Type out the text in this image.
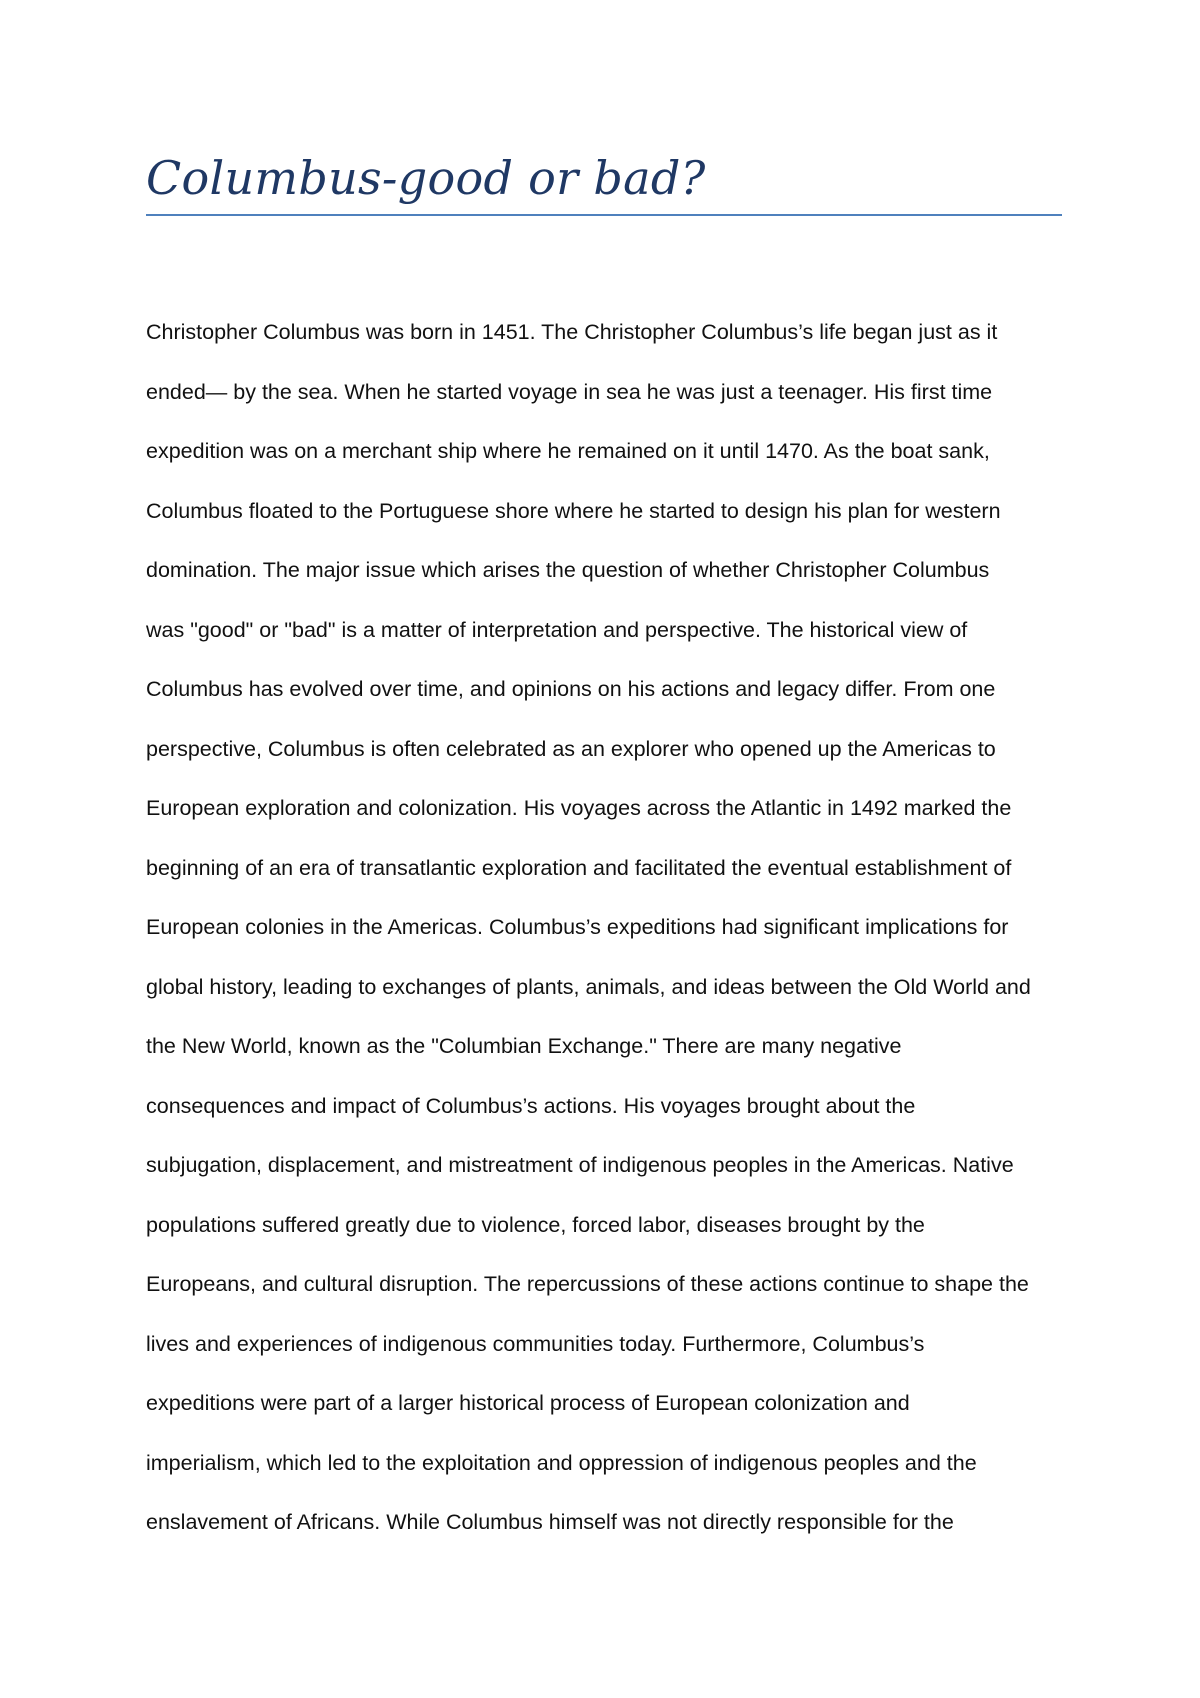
Columbus-good or bad?
Christopher Columbus was born in 1451. The Christopher Columbus’s life began just as it
ended— by the sea. When he started voyage in sea he was just a teenager. His first time
expedition was on a merchant ship where he remained on it until 1470. As the boat sank,
Columbus floated to the Portuguese shore where he started to design his plan for western
domination. The major issue which arises the question of whether Christopher Columbus
was "good" or "bad" is a matter of interpretation and perspective. The historical view of
Columbus has evolved over time, and opinions on his actions and legacy differ. From one
perspective, Columbus is often celebrated as an explorer who opened up the Americas to
European exploration and colonization. His voyages across the Atlantic in 1492 marked the
beginning of an era of transatlantic exploration and facilitated the eventual establishment of
European colonies in the Americas. Columbus’s expeditions had significant implications for
global history, leading to exchanges of plants, animals, and ideas between the Old World and
the New World, known as the "Columbian Exchange." There are many negative
consequences and impact of Columbus’s actions. His voyages brought about the
subjugation, displacement, and mistreatment of indigenous peoples in the Americas. Native
populations suffered greatly due to violence, forced labor, diseases brought by the
Europeans, and cultural disruption. The repercussions of these actions continue to shape the
lives and experiences of indigenous communities today. Furthermore, Columbus’s
expeditions were part of a larger historical process of European colonization and
imperialism, which led to the exploitation and oppression of indigenous peoples and the
enslavement of Africans. While Columbus himself was not directly responsible for the
